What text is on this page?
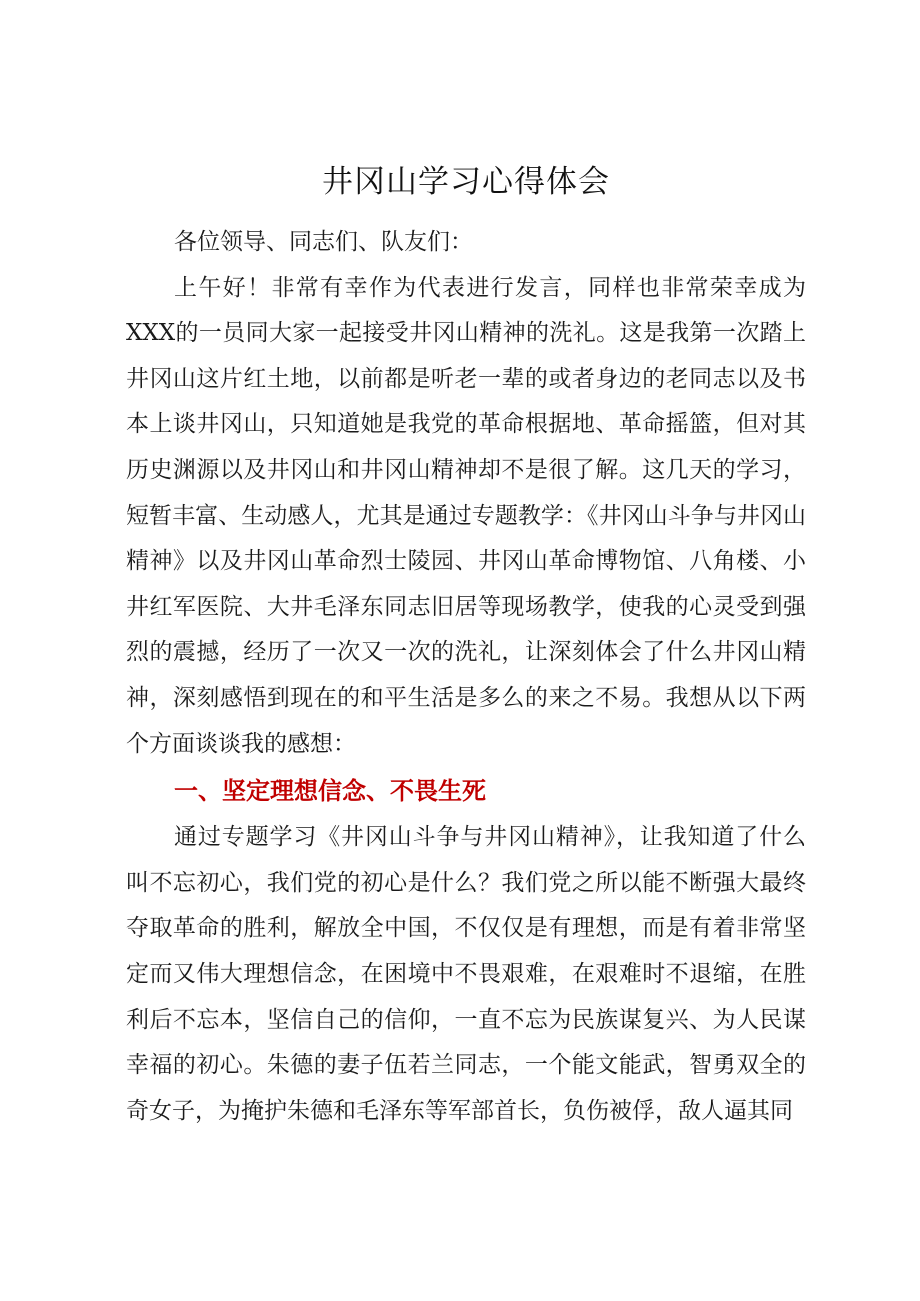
井冈山学习心得体会

各位领导、同志们、队友们：

上午好！非常有幸作为代表进行发言，同样也非常荣幸成为XXX的一员同大家一起接受井冈山精神的洗礼。这是我第一次踏上井冈山这片红土地，以前都是听老一辈的或者身边的老同志以及书本上谈井冈山，只知道她是我党的革命根据地、革命摇篮，但对其历史渊源以及井冈山和井冈山精神却不是很了解。这几天的学习，短暂丰富、生动感人，尤其是通过专题教学：《井冈山斗争与井冈山精神》以及井冈山革命烈士陵园、井冈山革命博物馆、八角楼、小井红军医院、大井毛泽东同志旧居等现场教学，使我的心灵受到强烈的震撼，经历了一次又一次的洗礼，让深刻体会了什么井冈山精神，深刻感悟到现在的和平生活是多么的来之不易。我想从以下两个方面谈谈我的感想：

一、坚定理想信念、不畏生死

通过专题学习《井冈山斗争与井冈山精神》，让我知道了什么叫不忘初心，我们党的初心是什么？我们党之所以能不断强大最终夺取革命的胜利，解放全中国，不仅仅是有理想，而是有着非常坚定而又伟大理想信念，在困境中不畏艰难，在艰难时不退缩，在胜利后不忘本，坚信自己的信仰，一直不忘为民族谋复兴、为人民谋幸福的初心。朱德的妻子伍若兰同志，一个能文能武，智勇双全的奇女子，为掩护朱德和毛泽东等军部首长，负伤被俘，敌人逼其同
